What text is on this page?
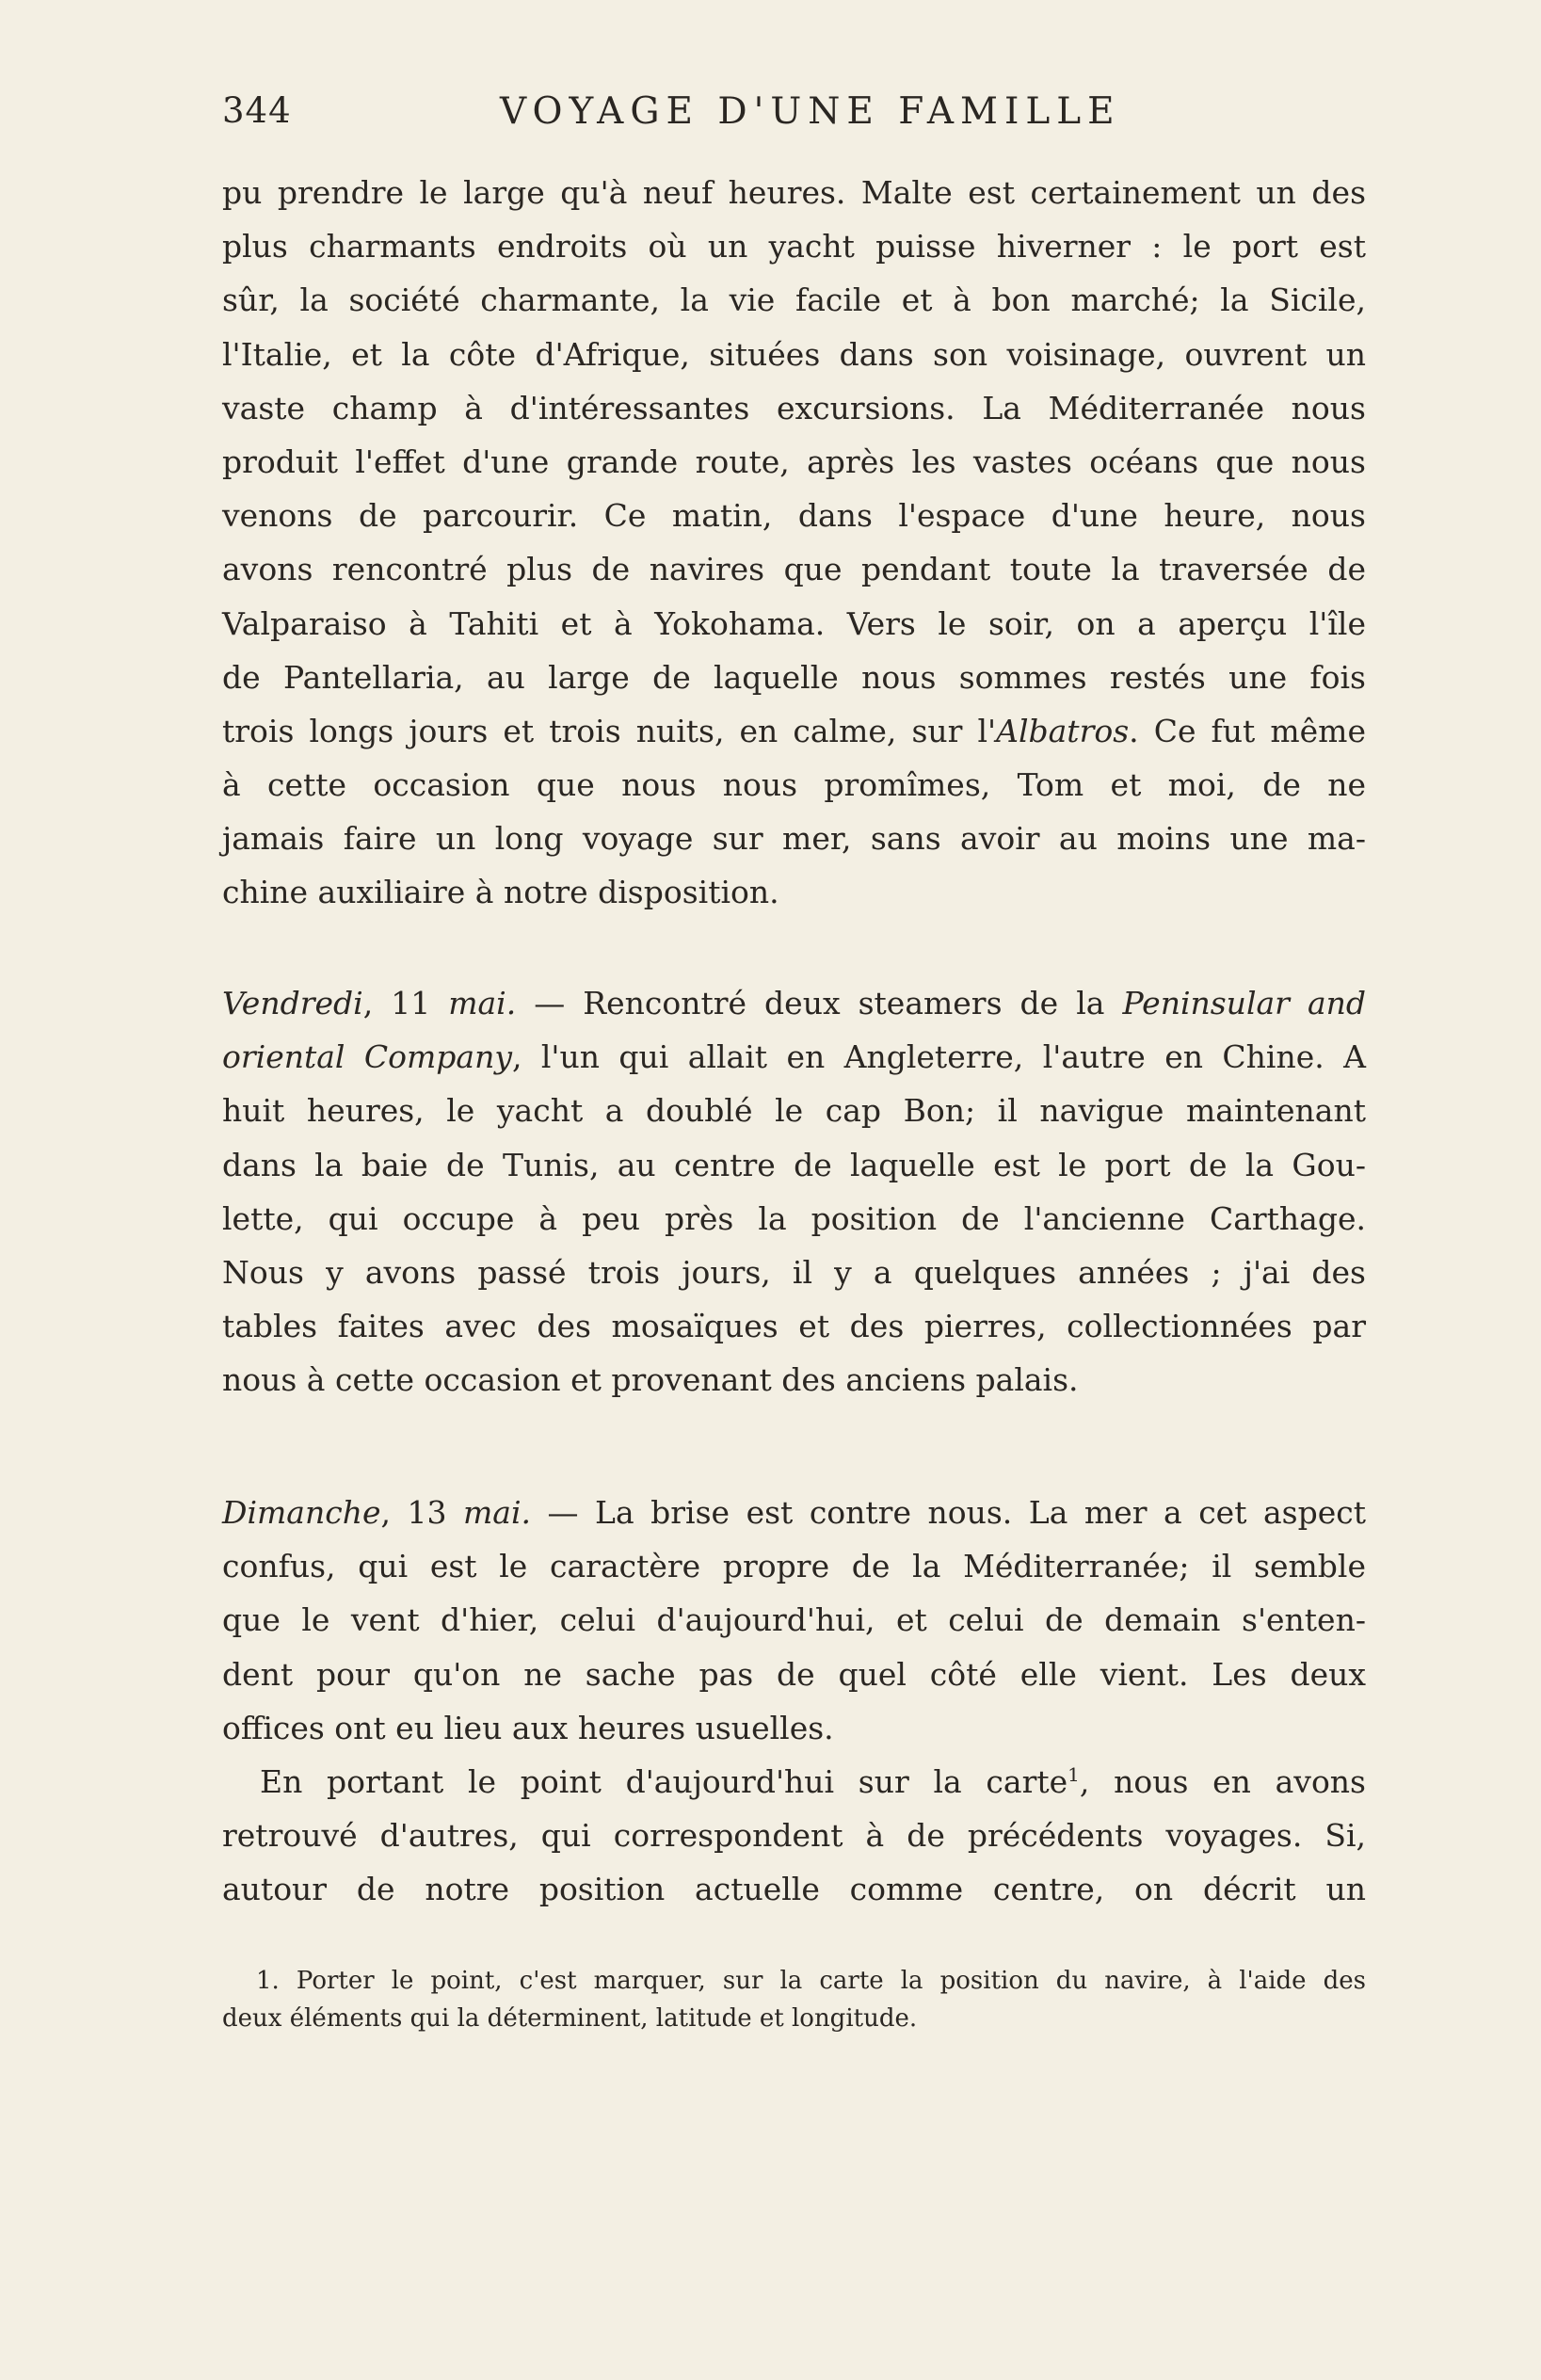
344	VOYAGE D'UNE FAMILLE
pu prendre le large qu'à neuf heures. Malte est certainement un des
plus charmants endroits où un yacht puisse hiverner : le port est
sûr, la société charmante, la vie facile et à bon marché; la Sicile,
l'Italie, et la côte d'Afrique, situées dans son voisinage, ouvrent un
vaste champ à d'intéressantes excursions. La Méditerranée nous
produit l'effet d'une grande route, après les vastes océans que nous
venons de parcourir. Ce matin, dans l'espace d'une heure, nous
avons rencontré plus de navires que pendant toute la traversée de
Valparaiso à Tahiti et à Yokohama. Vers le soir, on a aperçu l'île
de Pantellaria, au large de laquelle nous sommes restés une fois
trois longs jours et trois nuits, en calme, sur l'Albatros. Ce fut même
à cette occasion que nous nous promîmes, Tom et moi, de ne
jamais faire un long voyage sur mer, sans avoir au moins une ma-
chine auxiliaire à notre disposition.
Vendredi, 11 mai. — Rencontré deux steamers de la Peninsular and
oriental Company, l'un qui allait en Angleterre, l'autre en Chine. A
huit heures, le yacht a doublé le cap Bon; il navigue maintenant
dans la baie de Tunis, au centre de laquelle est le port de la Gou-
lette, qui occupe à peu près la position de l'ancienne Carthage.
Nous y avons passé trois jours, il y a quelques années ; j'ai des
tables faites avec des mosaïques et des pierres, collectionnées par
nous à cette occasion et provenant des anciens palais.
Dimanche, 13 mai. — La brise est contre nous. La mer a cet aspect
confus, qui est le caractère propre de la Méditerranée; il semble
que le vent d'hier, celui d'aujourd'hui, et celui de demain s'enten-
dent pour qu'on ne sache pas de quel côté elle vient. Les deux
offices ont eu lieu aux heures usuelles.
En portant le point d'aujourd'hui sur la carte$^1$, nous en avons
retrouvé d'autres, qui correspondent à de précédents voyages. Si,
autour de notre position actuelle comme centre, on décrit un
1. Porter le point, c'est marquer, sur la carte la position du navire, à l'aide des
deux éléments qui la déterminent, latitude et longitude.
